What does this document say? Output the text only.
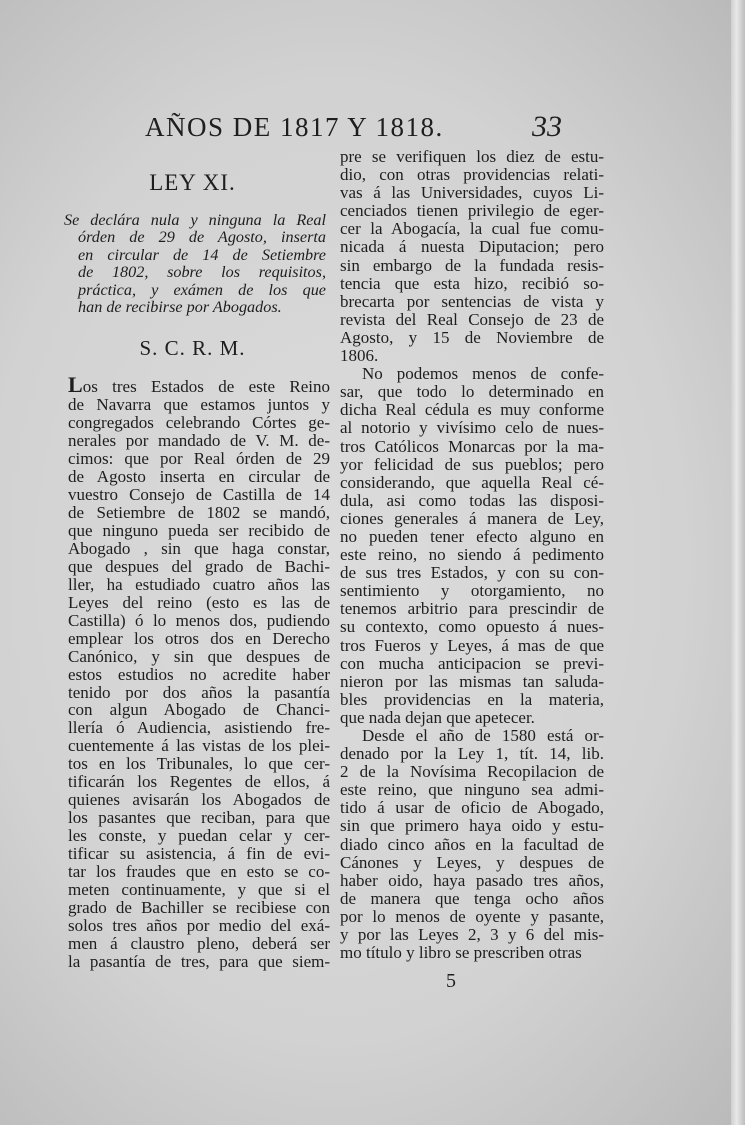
AÑOS DE 1817 Y 1818.	33
LEY XI.
Se declára nula y ninguna la Real
órden de 29 de Agosto, inserta
en circular de 14 de Setiembre
de 1802, sobre los requisitos,
práctica, y exámen de los que
han de recibirse por Abogados.
S. C. R. M.
Los tres Estados de este Reino
de Navarra que estamos juntos y
congregados celebrando Córtes ge-
nerales por mandado de V. M. de-
cimos: que por Real órden de 29
de Agosto inserta en circular de
vuestro Consejo de Castilla de 14
de Setiembre de 1802 se mandó,
que ninguno pueda ser recibido de
Abogado , sin que haga constar,
que despues del grado de Bachi-
ller, ha estudiado cuatro años las
Leyes del reino (esto es las de
Castilla) ó lo menos dos, pudiendo
emplear los otros dos en Derecho
Canónico, y sin que despues de
estos estudios no acredite haber
tenido por dos años la pasantía
con algun Abogado de Chanci-
llería ó Audiencia, asistiendo fre-
cuentemente á las vistas de los plei-
tos en los Tribunales, lo que cer-
tificarán los Regentes de ellos, á
quienes avisarán los Abogados de
los pasantes que reciban, para que
les conste, y puedan celar y cer-
tificar su asistencia, á fin de evi-
tar los fraudes que en esto se co-
meten continuamente, y que si el
grado de Bachiller se recibiese con
solos tres años por medio del exá-
men á claustro pleno, deberá ser
la pasantía de tres, para que siem-
pre se verifiquen los diez de estu-
dio, con otras providencias relati-
vas á las Universidades, cuyos Li-
cenciados tienen privilegio de eger-
cer la Abogacía, la cual fue comu-
nicada á nuesta Diputacion; pero
sin embargo de la fundada resis-
tencia que esta hizo, recibió so-
brecarta por sentencias de vista y
revista del Real Consejo de 23 de
Agosto, y 15 de Noviembre de
1806.
No podemos menos de confe-
sar, que todo lo determinado en
dicha Real cédula es muy conforme
al notorio y vivísimo celo de nues-
tros Católicos Monarcas por la ma-
yor felicidad de sus pueblos; pero
considerando, que aquella Real cé-
dula, asi como todas las disposi-
ciones generales á manera de Ley,
no pueden tener efecto alguno en
este reino, no siendo á pedimento
de sus tres Estados, y con su con-
sentimiento y otorgamiento, no
tenemos arbitrio para prescindir de
su contexto, como opuesto á nues-
tros Fueros y Leyes, á mas de que
con mucha anticipacion se previ-
nieron por las mismas tan saluda-
bles providencias en la materia,
que nada dejan que apetecer.
Desde el año de 1580 está or-
denado por la Ley 1, tít. 14, lib.
2 de la Novísima Recopilacion de
este reino, que ninguno sea admi-
tido á usar de oficio de Abogado,
sin que primero haya oido y estu-
diado cinco años en la facultad de
Cánones y Leyes, y despues de
haber oido, haya pasado tres años,
de manera que tenga ocho años
por lo menos de oyente y pasante,
y por las Leyes 2, 3 y 6 del mis-
mo título y libro se prescriben otras
5
